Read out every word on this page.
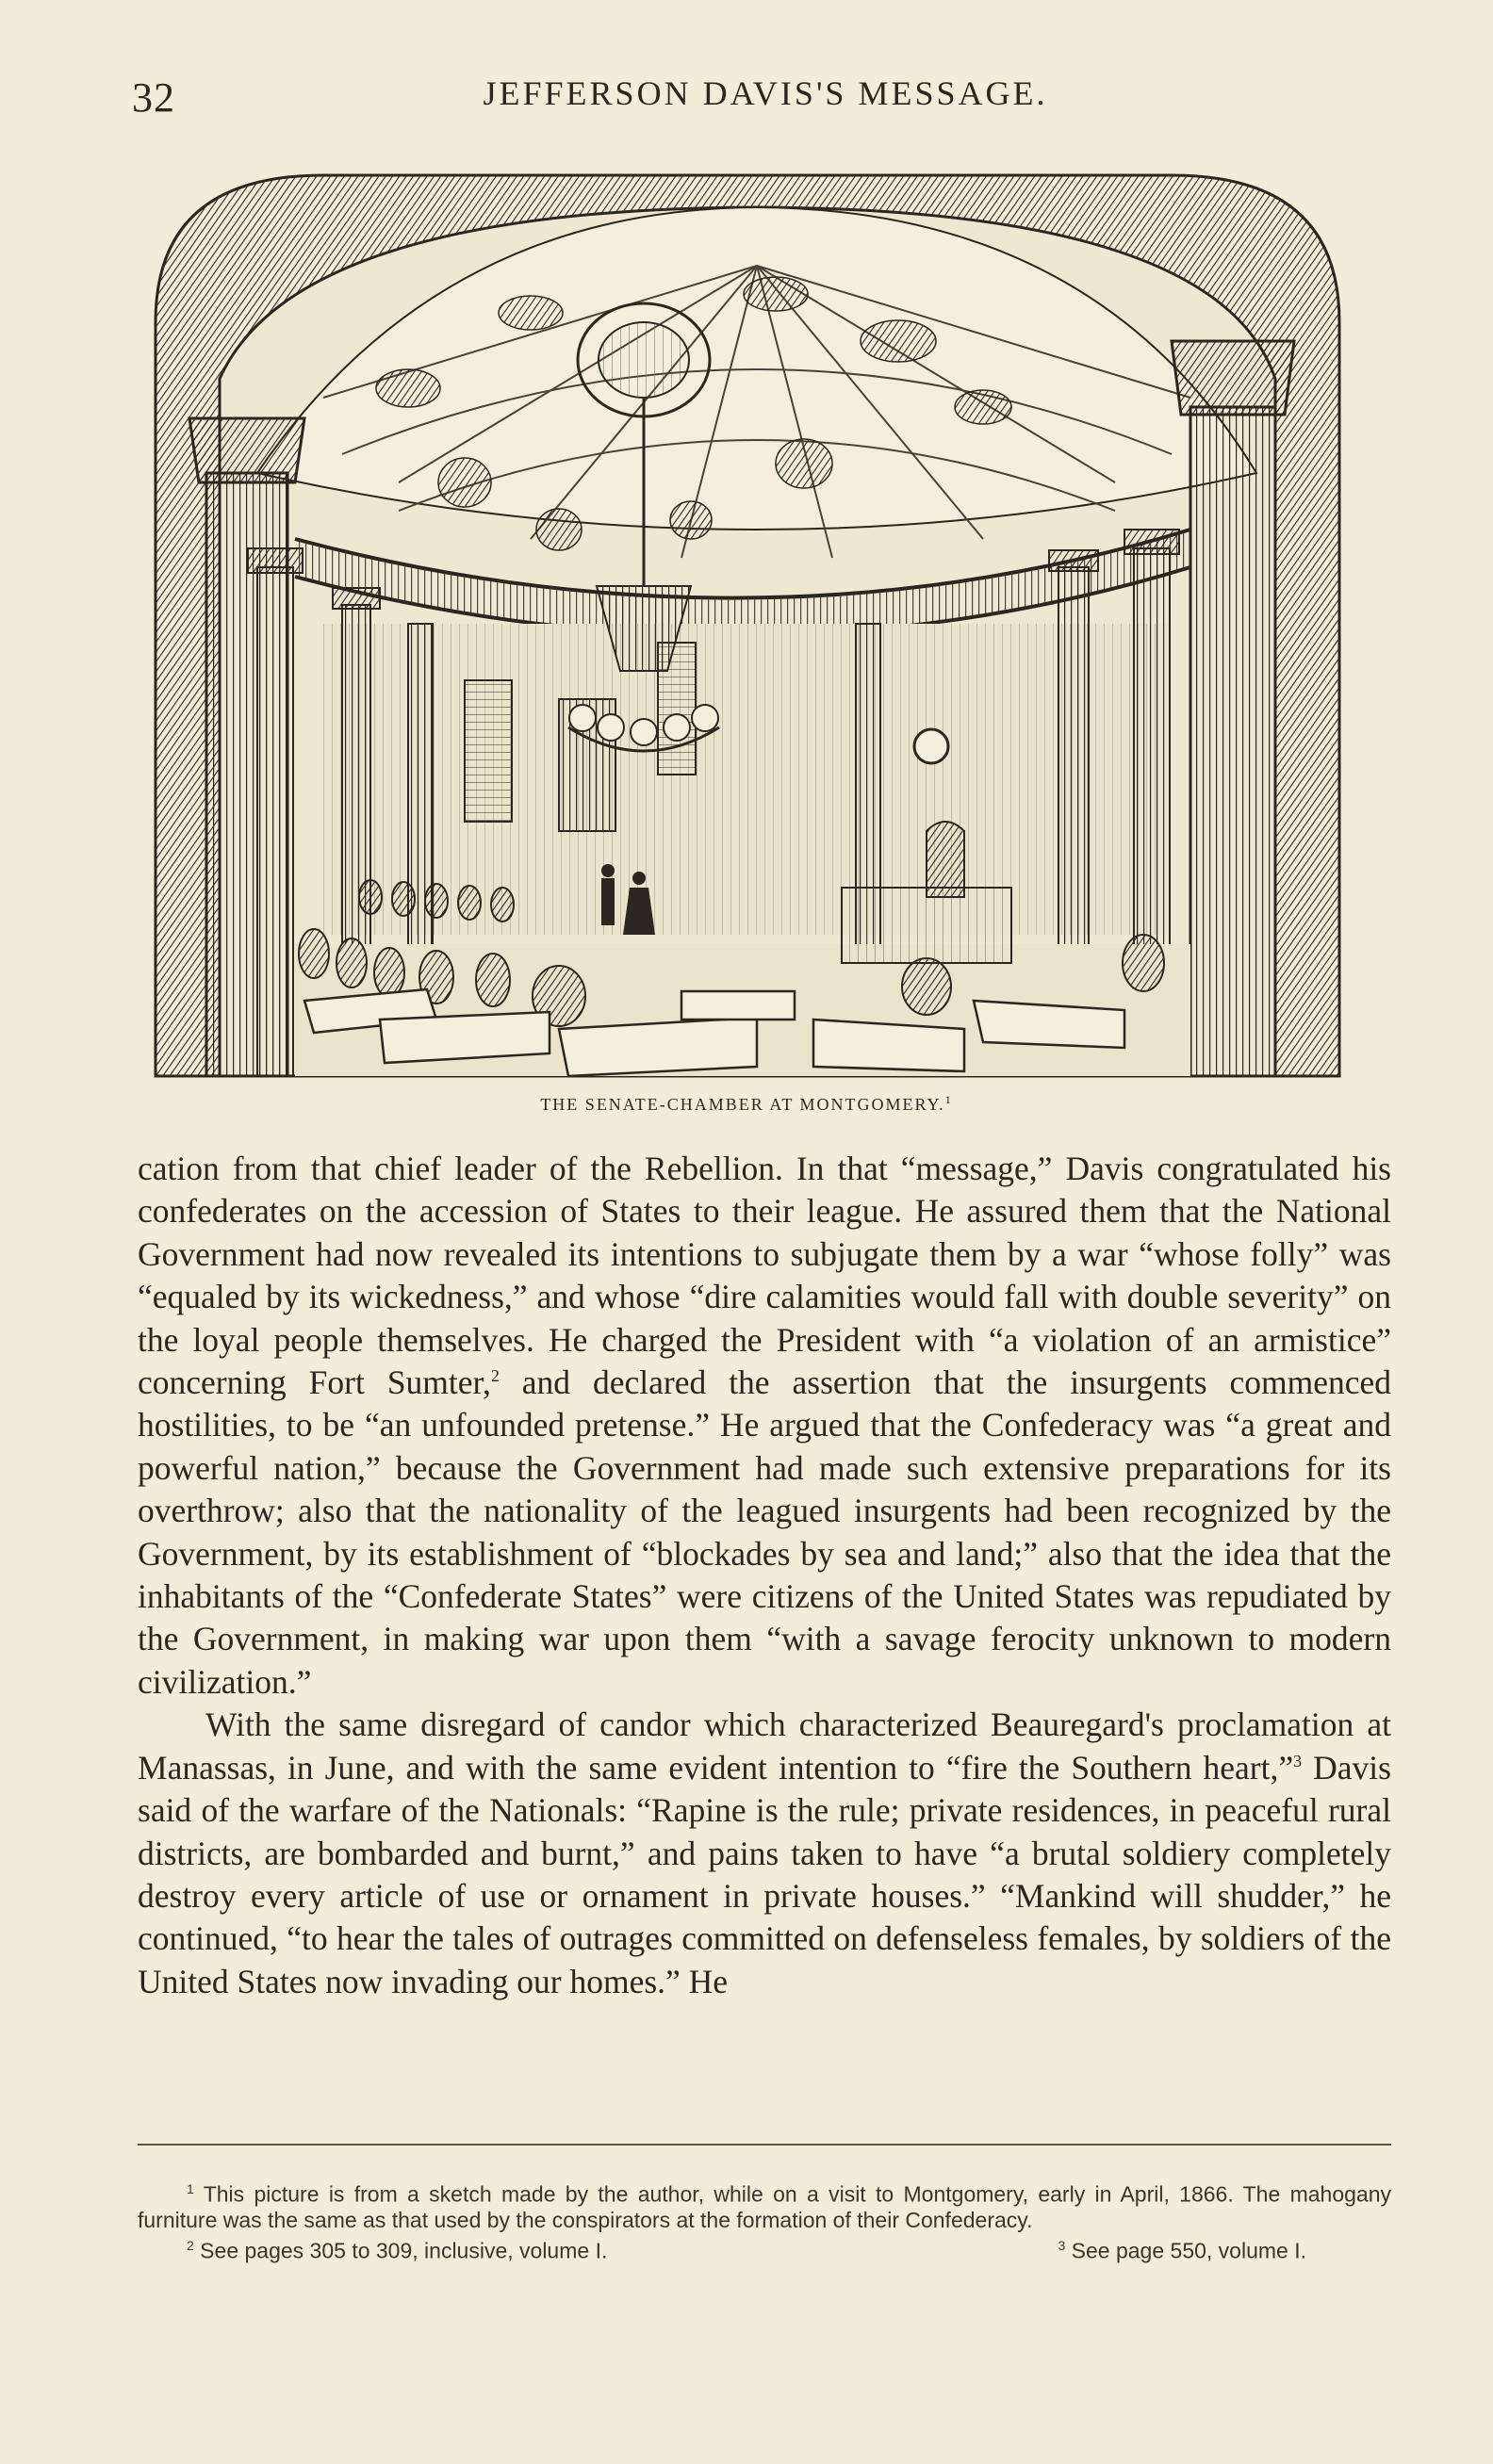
32	JEFFERSON DAVIS'S MESSAGE.
THE SENATE-CHAMBER AT MONTGOMERY.$^1$

cation from that chief leader of the Rebellion. In that “message,” Davis congratulated his confederates on the accession of States to their league. He assured them that the National Government had now revealed its intentions to subjugate them by a war “whose folly” was “equaled by its wickedness,” and whose “dire calamities would fall with double severity” on the loyal people themselves. He charged the President with “a violation of an armistice” concerning Fort Sumter,$^2$ and declared the assertion that the insurgents commenced hostilities, to be “an unfounded pretense.” He argued that the Confederacy was “a great and powerful nation,” because the Government had made such extensive preparations for its overthrow; also that the nationality of the leagued insurgents had been recognized by the Government, by its establishment of “blockades by sea and land;” also that the idea that the inhabitants of the “Confederate States” were citizens of the United States was repudiated by the Government, in making war upon them “with a savage ferocity unknown to modern civilization.”

With the same disregard of candor which characterized Beauregard's proclamation at Manassas, in June, and with the same evident intention to “fire the Southern heart,”$^3$ Davis said of the warfare of the Nationals: “Rapine is the rule; private residences, in peaceful rural districts, are bombarded and burnt,” and pains taken to have “a brutal soldiery completely destroy every article of use or ornament in private houses.” “Mankind will shudder,” he continued, “to hear the tales of outrages committed on defenseless females, by soldiers of the United States now invading our homes.” He

$^1$ This picture is from a sketch made by the author, while on a visit to Montgomery, early in April, 1866. The mahogany furniture was the same as that used by the conspirators at the formation of their Confederacy.

$^2$ See pages 305 to 309, inclusive, volume I.	$^3$ See page 550, volume I.
